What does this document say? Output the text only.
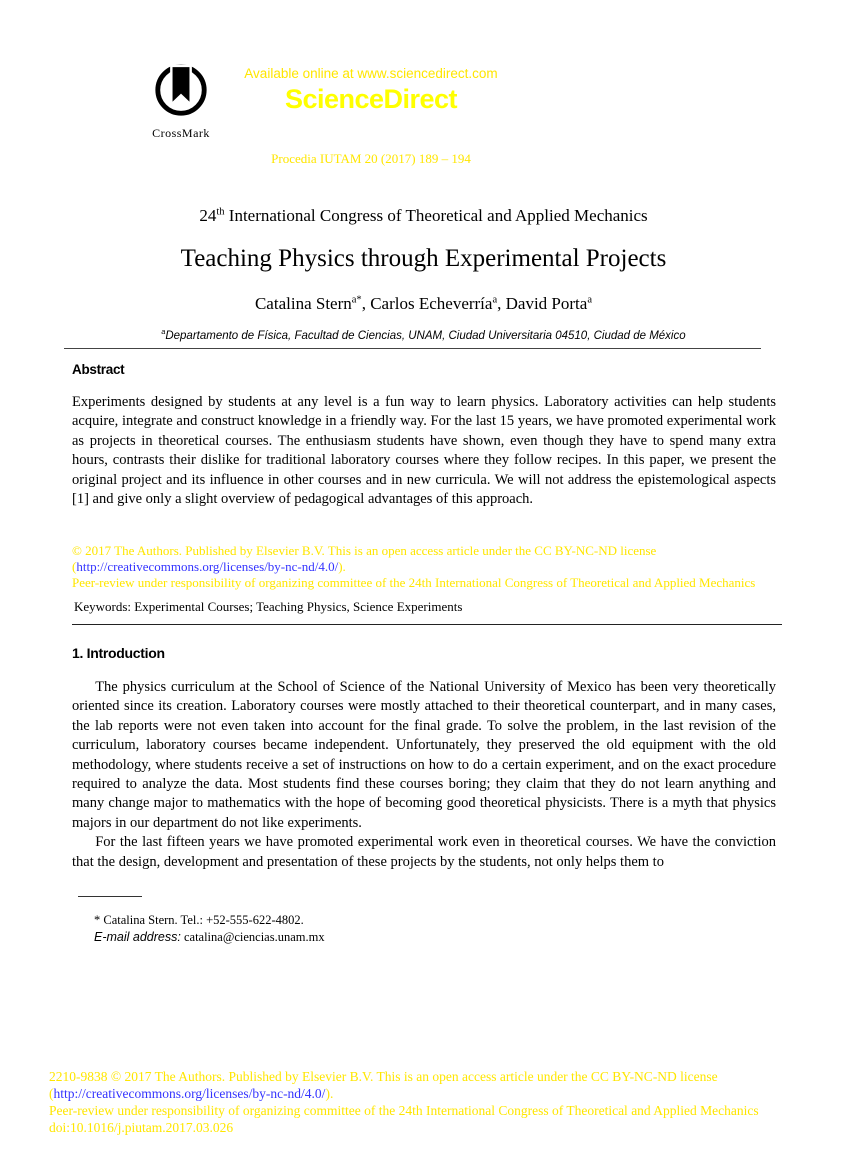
CrossMark
Available online at www.sciencedirect.com
ScienceDirect
Procedia IUTAM 20 (2017) 189 – 194
24th International Congress of Theoretical and Applied Mechanics
Teaching Physics through Experimental Projects
Catalina Stern$^{a*}$, Carlos Echeverría$^a$, David Porta$^a$
$^a$Departamento de Física, Facultad de Ciencias, UNAM, Ciudad Universitaria 04510, Ciudad de México
Abstract
Experiments designed by students at any level is a fun way to learn physics. Laboratory activities can help students acquire, integrate and construct knowledge in a friendly way. For the last 15 years, we have promoted experimental work as projects in theoretical courses. The enthusiasm students have shown, even though they have to spend many extra hours, contrasts their dislike for traditional laboratory courses where they follow recipes. In this paper, we present the original project and its influence in other courses and in new curricula. We will not address the epistemological aspects [1] and give only a slight overview of pedagogical advantages of this approach.
© 2017 The Authors. Published by Elsevier B.V. This is an open access article under the CC BY-NC-ND license
(http://creativecommons.org/licenses/by-nc-nd/4.0/).
Peer-review under responsibility of organizing committee of the 24th International Congress of Theoretical and Applied Mechanics
Keywords: Experimental Courses; Teaching Physics, Science Experiments
1. Introduction

The physics curriculum at the School of Science of the National University of Mexico has been very theoretically oriented since its creation. Laboratory courses were mostly attached to their theoretical counterpart, and in many cases, the lab reports were not even taken into account for the final grade. To solve the problem, in the last revision of the curriculum, laboratory courses became independent. Unfortunately, they preserved the old equipment with the old methodology, where students receive a set of instructions on how to do a certain experiment, and on the exact procedure required to analyze the data. Most students find these courses boring; they claim that they do not learn anything and many change major to mathematics with the hope of becoming good theoretical physicists. There is a myth that physics majors in our department do not like experiments.

For the last fifteen years we have promoted experimental work even in theoretical courses. We have the conviction that the design, development and presentation of these projects by the students, not only helps them to

* Catalina Stern. Tel.: +52-555-622-4802.
E-mail address: catalina@ciencias.unam.mx
2210-9838 © 2017 The Authors. Published by Elsevier B.V. This is an open access article under the CC BY-NC-ND license
(http://creativecommons.org/licenses/by-nc-nd/4.0/).
Peer-review under responsibility of organizing committee of the 24th International Congress of Theoretical and Applied Mechanics
doi:10.1016/j.piutam.2017.03.026
